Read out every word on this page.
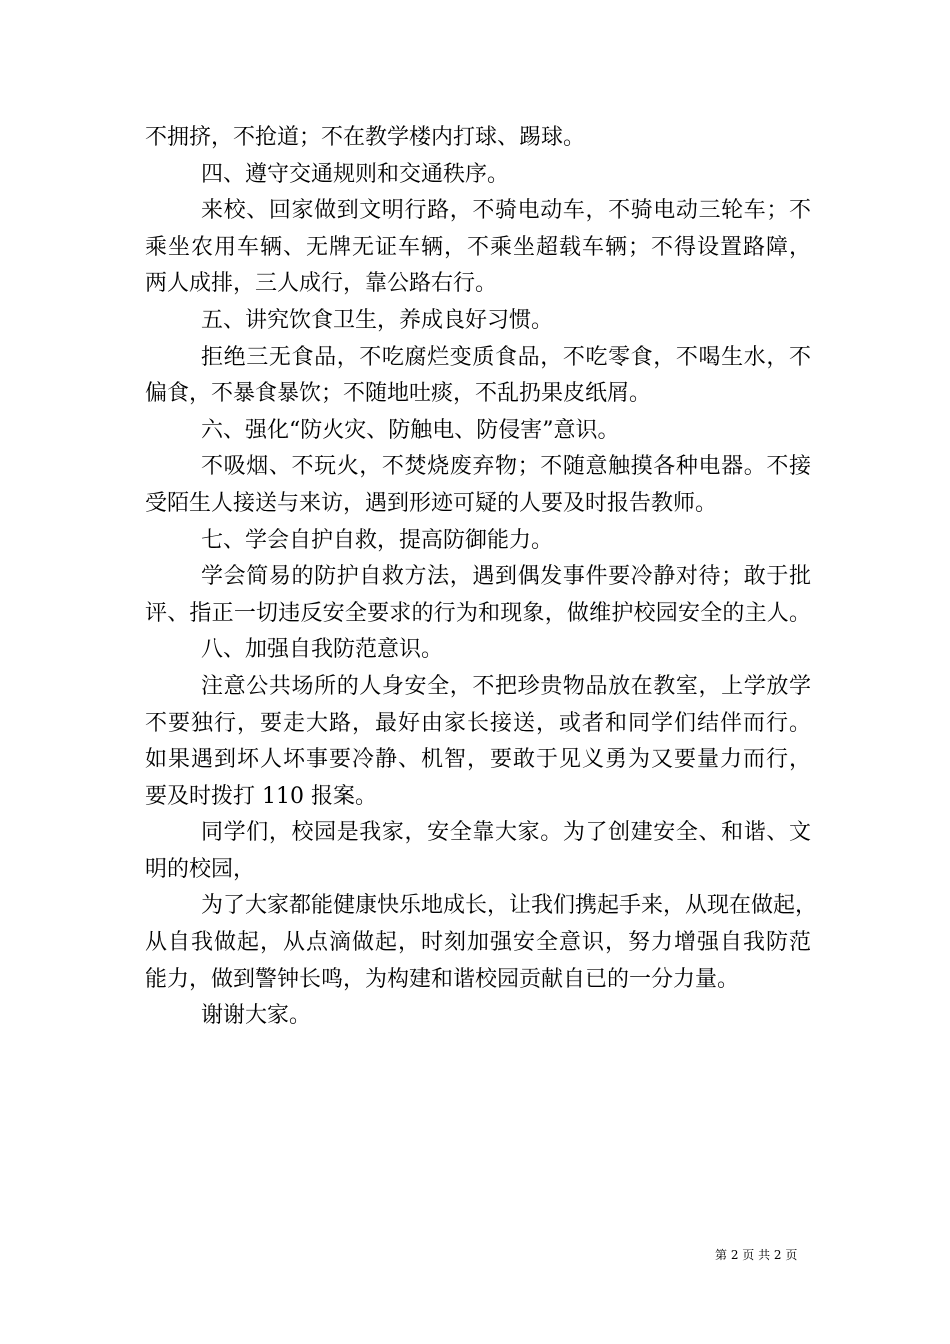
不拥挤，不抢道；不在教学楼内打球、踢球。
四、遵守交通规则和交通秩序。
来校、回家做到文明行路，不骑电动车，不骑电动三轮车；不
乘坐农用车辆、无牌无证车辆，不乘坐超载车辆；不得设置路障，
两人成排，三人成行，靠公路右行。
五、讲究饮食卫生，养成良好习惯。
拒绝三无食品，不吃腐烂变质食品，不吃零食，不喝生水，不
偏食，不暴食暴饮；不随地吐痰，不乱扔果皮纸屑。
六、强化“防火灾、防触电、防侵害”意识。
不吸烟、不玩火，不焚烧废弃物；不随意触摸各种电器。不接
受陌生人接送与来访，遇到形迹可疑的人要及时报告教师。
七、学会自护自救，提高防御能力。
学会简易的防护自救方法，遇到偶发事件要冷静对待；敢于批
评、指正一切违反安全要求的行为和现象，做维护校园安全的主人。
八、加强自我防范意识。
注意公共场所的人身安全，不把珍贵物品放在教室，上学放学
不要独行，要走大路，最好由家长接送，或者和同学们结伴而行。
如果遇到坏人坏事要冷静、机智，要敢于见义勇为又要量力而行，
要及时拨打 110 报案。
同学们，校园是我家，安全靠大家。为了创建安全、和谐、文
明的校园，
为了大家都能健康快乐地成长，让我们携起手来，从现在做起，
从自我做起，从点滴做起，时刻加强安全意识，努力增强自我防范
能力，做到警钟长鸣，为构建和谐校园贡献自已的一分力量。
谢谢大家。
第 2 页 共 2 页
